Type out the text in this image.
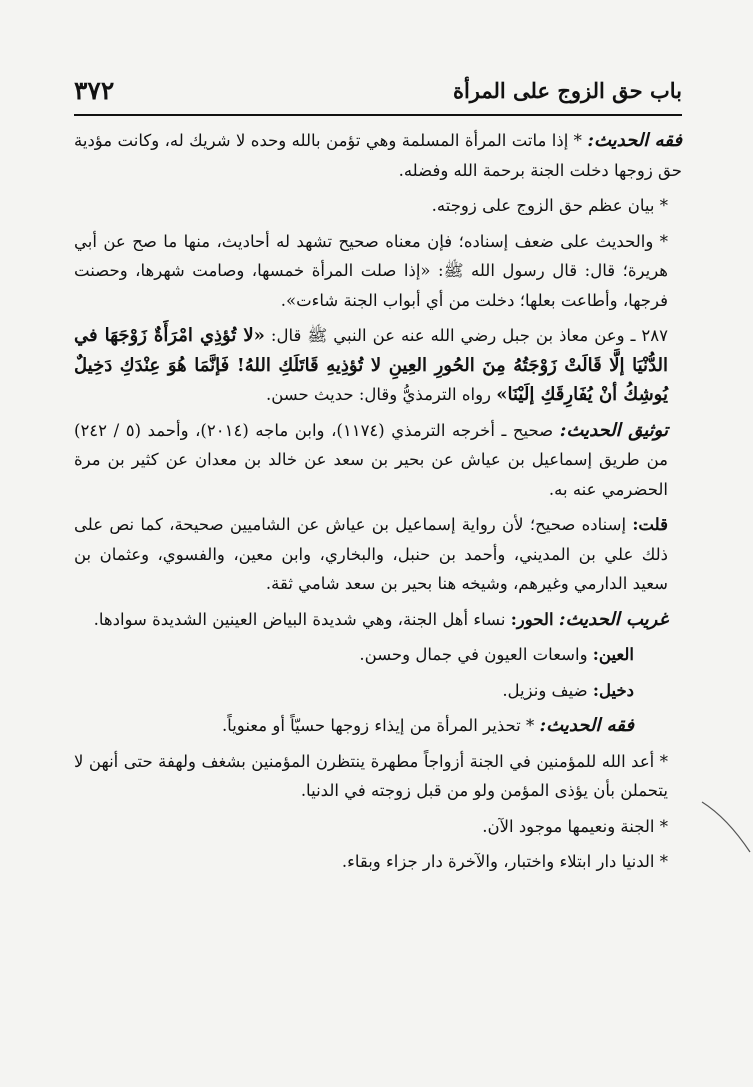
٣٧٢	باب حق الزوج على المرأة

فقه الحديث: * إذا ماتت المرأة المسلمة وهي تؤمن بالله وحده لا شريك له، وكانت مؤدية حق زوجها دخلت الجنة برحمة الله وفضله.

* بيان عظم حق الزوج على زوجته.

* والحديث على ضعف إسناده؛ فإن معناه صحيح تشهد له أحاديث، منها ما صح عن أبي هريرة؛ قال: قال رسول الله ﷺ: «إذا صلت المرأة خمسها، وصامت شهرها، وحصنت فرجها، وأطاعت بعلها؛ دخلت من أي أبواب الجنة شاءت».

٢٨٧ ـ وعن معاذ بن جبل رضي الله عنه عن النبي ﷺ قال: «لا تُؤذِي امْرَأَةٌ زَوْجَهَا في الدُّنْيَا إلَّا قَالَتْ زَوْجَتُهُ مِنَ الحُورِ العِينِ لا تُؤذِيهِ قَاتَلَكِ اللهُ! فَإنَّمَا هُوَ عِنْدَكِ دَخِيلٌ يُوشِكُ أنْ يُفَارِقَكِ إلَيْنَا» رواه الترمذيُّ وقال: حديث حسن.

توثيق الحديث: صحيح ـ أخرجه الترمذي (١١٧٤)، وابن ماجه (٢٠١٤)، وأحمد (٥ / ٢٤٢) من طريق إسماعيل بن عياش عن بحير بن سعد عن خالد بن معدان عن كثير بن مرة الحضرمي عنه به.

قلت: إسناده صحيح؛ لأن رواية إسماعيل بن عياش عن الشاميين صحيحة، كما نص على ذلك علي بن المديني، وأحمد بن حنبل، والبخاري، وابن معين، والفسوي، وعثمان بن سعيد الدارمي وغيرهم، وشيخه هنا بحير بن سعد شامي ثقة.

غريب الحديث: الحور: نساء أهل الجنة، وهي شديدة البياض العينين الشديدة سوادها.

العين: واسعات العيون في جمال وحسن.

دخيل: ضيف ونزيل.

فقه الحديث: * تحذير المرأة من إيذاء زوجها حسيّاً أو معنوياً.

* أعد الله للمؤمنين في الجنة أزواجاً مطهرة ينتظرن المؤمنين بشغف ولهفة حتى أنهن لا يتحملن بأن يؤذى المؤمن ولو من قبل زوجته في الدنيا.

* الجنة ونعيمها موجود الآن.

* الدنيا دار ابتلاء واختبار، والآخرة دار جزاء وبقاء.
